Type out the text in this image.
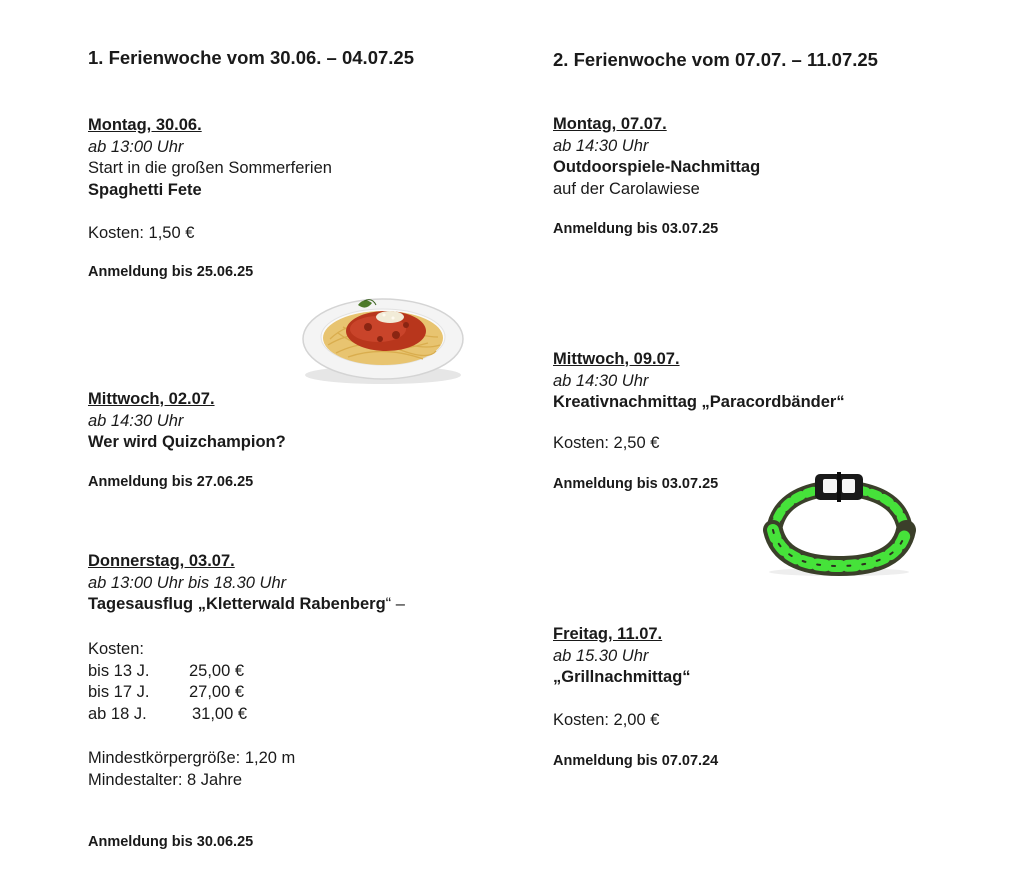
1. Ferienwoche vom 30.06. – 04.07.25
Montag, 30.06.
ab 13:00 Uhr
Start in die großen Sommerferien
Spaghetti Fete
Kosten: 1,50 €
Anmeldung bis 25.06.25
Mittwoch, 02.07.
ab 14:30 Uhr
Wer wird Quizchampion?
Anmeldung bis 27.06.25
Donnerstag, 03.07.
ab 13:00 Uhr bis 18.30 Uhr
Tagesausflug „Kletterwald Rabenberg“ –
Kosten:
bis 13 J.	25,00 €
bis 17 J.	27,00 €
ab 18 J.	31,00 €
Mindestkörpergröße: 1,20 m
Mindestalter: 8 Jahre
Anmeldung bis 30.06.25
2. Ferienwoche vom 07.07. – 11.07.25
Montag, 07.07.
ab 14:30 Uhr
Outdoorspiele-Nachmittag
auf der Carolawiese
Anmeldung bis 03.07.25
Mittwoch, 09.07.
ab 14:30 Uhr
Kreativnachmittag „Paracordbänder“
Kosten: 2,50 €
Anmeldung bis 03.07.25
Freitag, 11.07.
ab 15.30 Uhr
„Grillnachmittag“
Kosten: 2,00 €
Anmeldung bis 07.07.24
